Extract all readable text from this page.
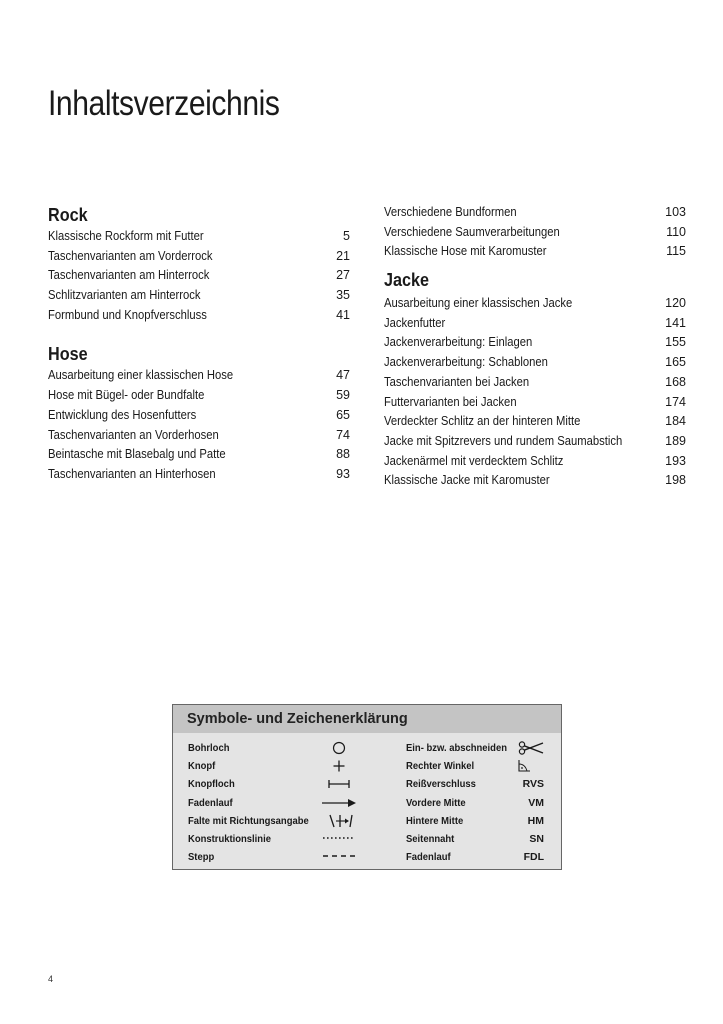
Inhaltsverzeichnis
Rock
Klassische Rockform mit Futter	5
Taschenvarianten am Vorderrock	21
Taschenvarianten am Hinterrock	27
Schlitzvarianten am Hinterrock	35
Formbund und Knopfverschluss	41
Hose
Ausarbeitung einer klassischen Hose	47
Hose mit Bügel- oder Bundfalte	59
Entwicklung des Hosenfutters	65
Taschenvarianten an Vorderhosen	74
Beintasche mit Blasebalg und Patte	88
Taschenvarianten an Hinterhosen	93
Verschiedene Bundformen	103
Verschiedene Saumverarbeitungen	110
Klassische Hose mit Karomuster	115
Jacke
Ausarbeitung einer klassischen Jacke	120
Jackenfutter	141
Jackenverarbeitung: Einlagen	155
Jackenverarbeitung: Schablonen	165
Taschenvarianten bei Jacken	168
Futtervarianten bei Jacken	174
Verdeckter Schlitz an der hinteren Mitte	184
Jacke mit Spitzrevers und rundem Saumabstich	189
Jackenärmel mit verdecktem Schlitz	193
Klassische Jacke mit Karomuster	198
Symbole- und Zeichenerklärung
Bohrloch
Knopf
Knopfloch
Fadenlauf
Falte mit Richtungsangabe
Konstruktionslinie
Stepp
Ein- bzw. abschneiden
Rechter Winkel
Reißverschluss	RVS
Vordere Mitte	VM
Hintere Mitte	HM
Seitennaht	SN
Fadenlauf	FDL
4
